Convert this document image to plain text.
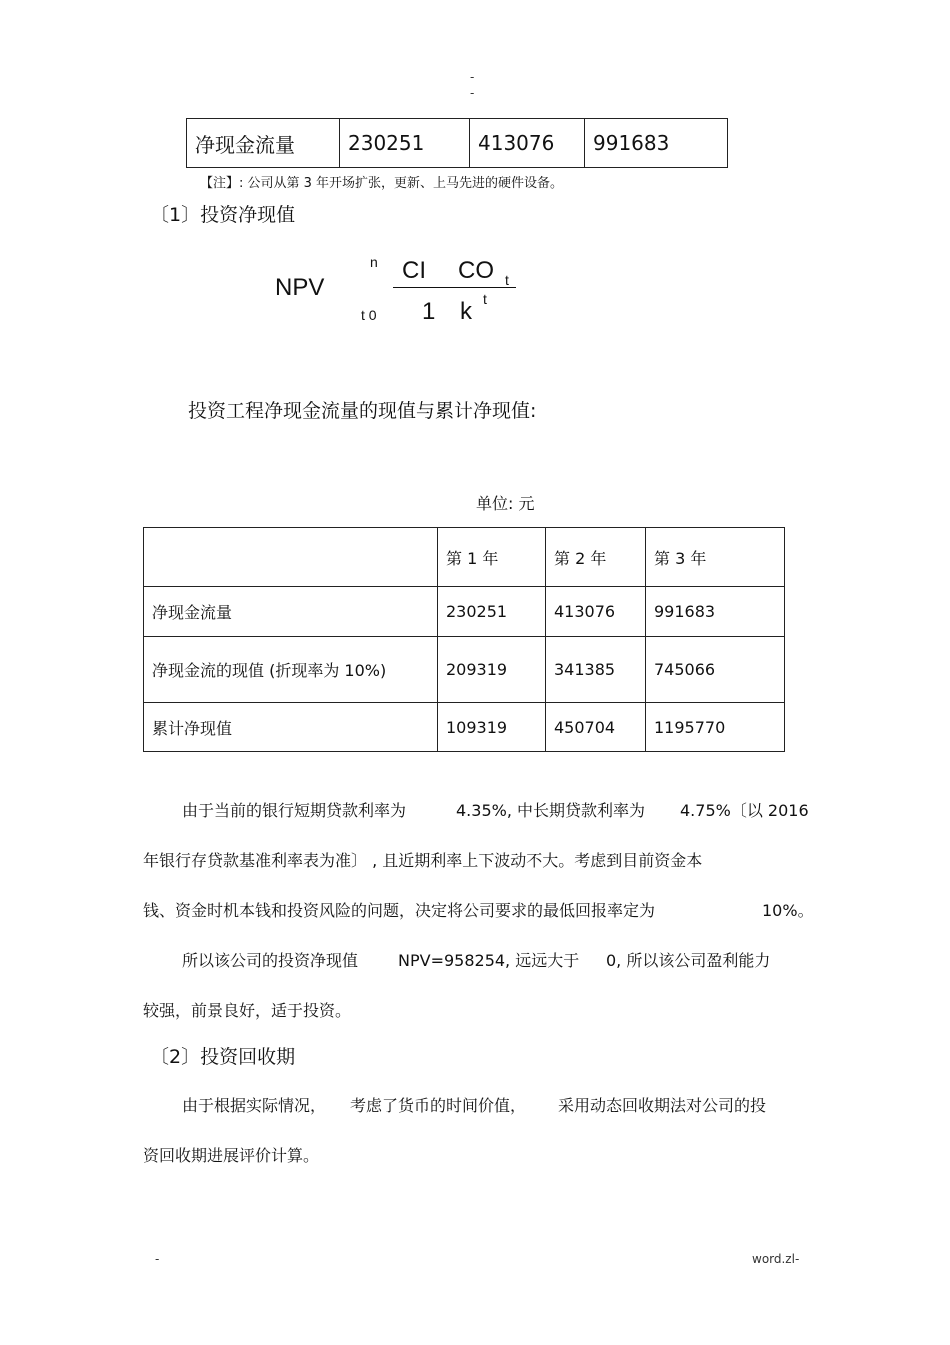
-
-
净现金流量	230251	413076	991683
【注】: 公司从第 3 年开场扩张，更新、上马先进的硬件设备。
〔1〕投资净现值
NPV
n CI CO t
t 0 1 k t
投资工程净现金流量的现值与累计净现值:
单位: 元
	第 1 年	第 2 年	第 3 年
净现金流量	230251	413076	991683
净现金流的现值 (折现率为 10%)	209319	341385	745066
累计净现值	109319	450704	1195770
由于当前的银行短期贷款利率为	4.35%, 中长期贷款利率为 4.75%〔以 2016
年银行存贷款基准利率表为准〕 , 且近期利率上下波动不大。考虑到目前资金本
钱、资金时机本钱和投资风险的问题，决定将公司要求的最低回报率定为	10%。
所以该公司的投资净现值 NPV=958254, 远远大于 0, 所以该公司盈利能力
较强，前景良好，适于投资。
〔2〕投资回收期
由于根据实际情况， 考虑了货币的时间价值， 采用动态回收期法对公司的投
资回收期进展评价计算。
-	word.zl-
